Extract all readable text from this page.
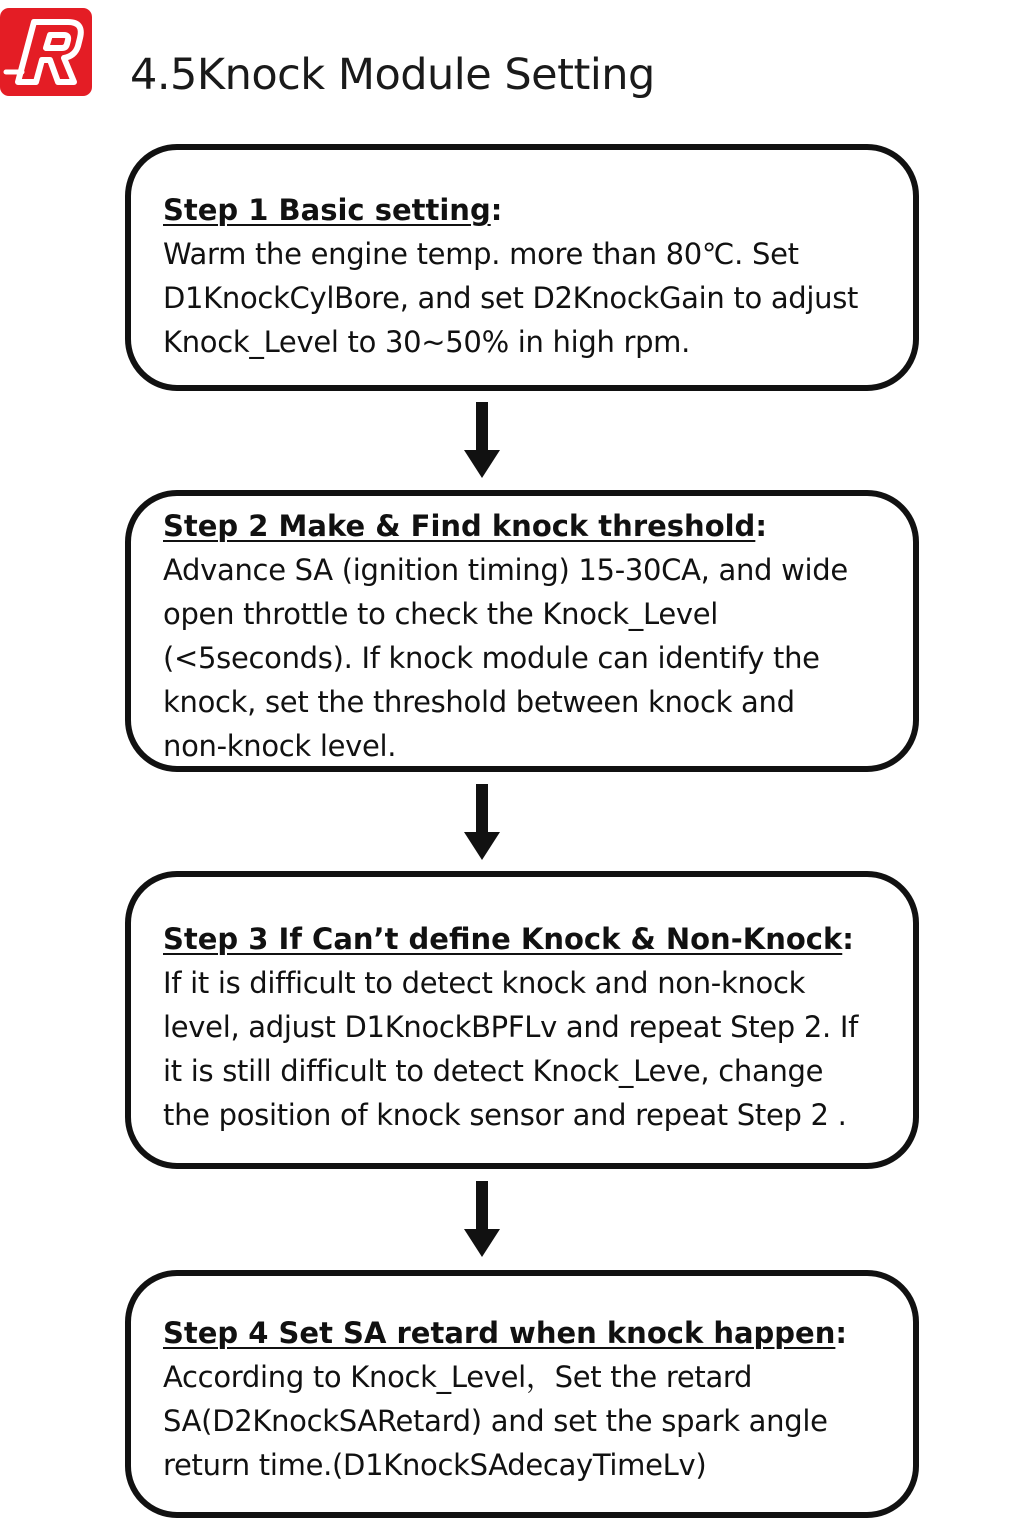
4.5Knock Module Setting
Step 1 Basic setting:
Warm the engine temp. more than 80℃. Set
D1KnockCylBore, and set D2KnockGain to adjust
Knock_Level to 30~50% in high rpm.
Step 2 Make & Find knock threshold:
Advance SA (ignition timing) 15-30CA, and wide
open throttle to check the Knock_Level
(<5seconds). If knock module can identify the
knock, set the threshold between knock and
non-knock level.
Step 3 If Can’t define Knock & Non-Knock:
If it is difficult to detect knock and non-knock
level, adjust D1KnockBPFLv and repeat Step 2. If
it is still difficult to detect Knock_Leve, change
the position of knock sensor and repeat Step 2 .
Step 4 Set SA retard when knock happen:
According to Knock_Level，Set the retard
SA(D2KnockSARetard) and set the spark angle
return time.(D1KnockSAdecayTimeLv)
